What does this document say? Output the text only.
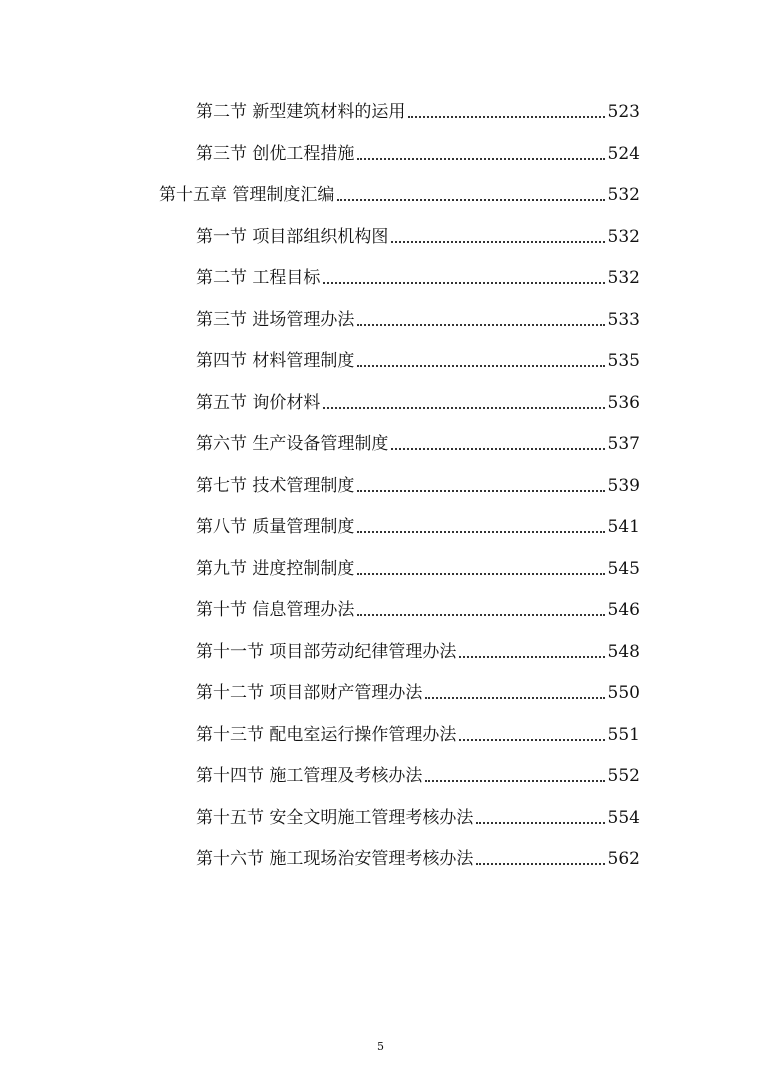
第二节 新型建筑材料的运用	523
第三节 创优工程措施	524
第十五章 管理制度汇编	532
第一节 项目部组织机构图	532
第二节 工程目标	532
第三节 进场管理办法	533
第四节 材料管理制度	535
第五节 询价材料	536
第六节 生产设备管理制度	537
第七节 技术管理制度	539
第八节 质量管理制度	541
第九节 进度控制制度	545
第十节 信息管理办法	546
第十一节 项目部劳动纪律管理办法	548
第十二节 项目部财产管理办法	550
第十三节 配电室运行操作管理办法	551
第十四节 施工管理及考核办法	552
第十五节 安全文明施工管理考核办法	554
第十六节 施工现场治安管理考核办法	562
5
